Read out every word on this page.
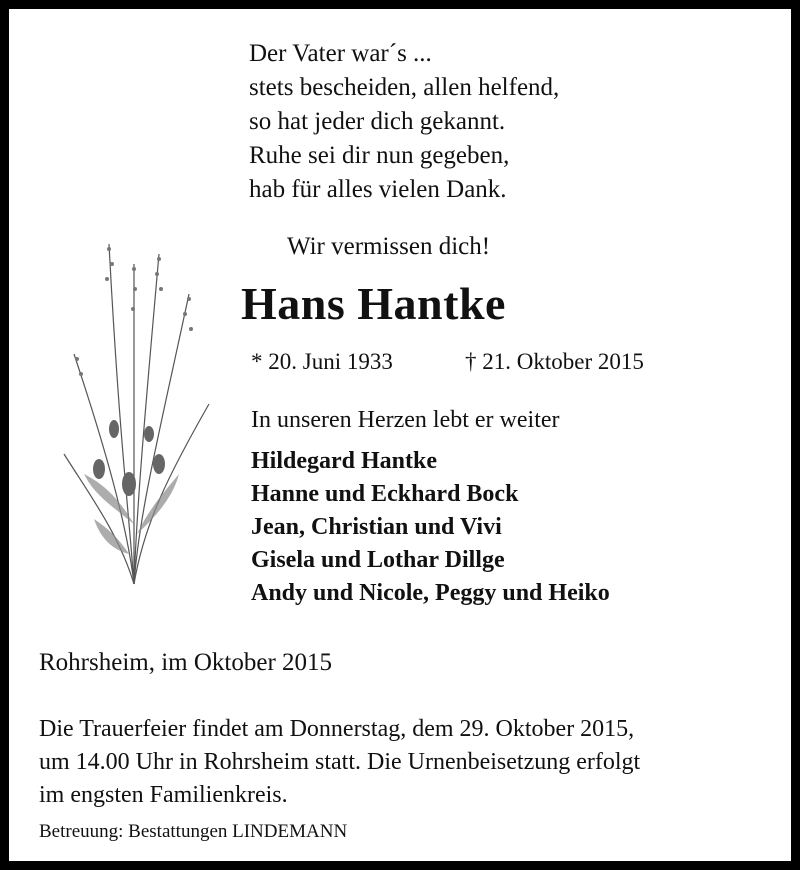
Der Vater war´s ...
stets bescheiden, allen helfend,
so hat jeder dich gekannt.
Ruhe sei dir nun gegeben,
hab für alles vielen Dank.
Wir vermissen dich!
Hans Hantke
* 20. Juni 1933	† 21. Oktober 2015
In unseren Herzen lebt er weiter
Hildegard Hantke
Hanne und Eckhard Bock
Jean, Christian und Vivi
Gisela und Lothar Dillge
Andy und Nicole, Peggy und Heiko
Rohrsheim, im Oktober 2015
Die Trauerfeier findet am Donnerstag, dem 29. Oktober 2015,
um 14.00 Uhr in Rohrsheim statt. Die Urnenbeisetzung erfolgt
im engsten Familienkreis.
Betreuung: Bestattungen LINDEMANN
